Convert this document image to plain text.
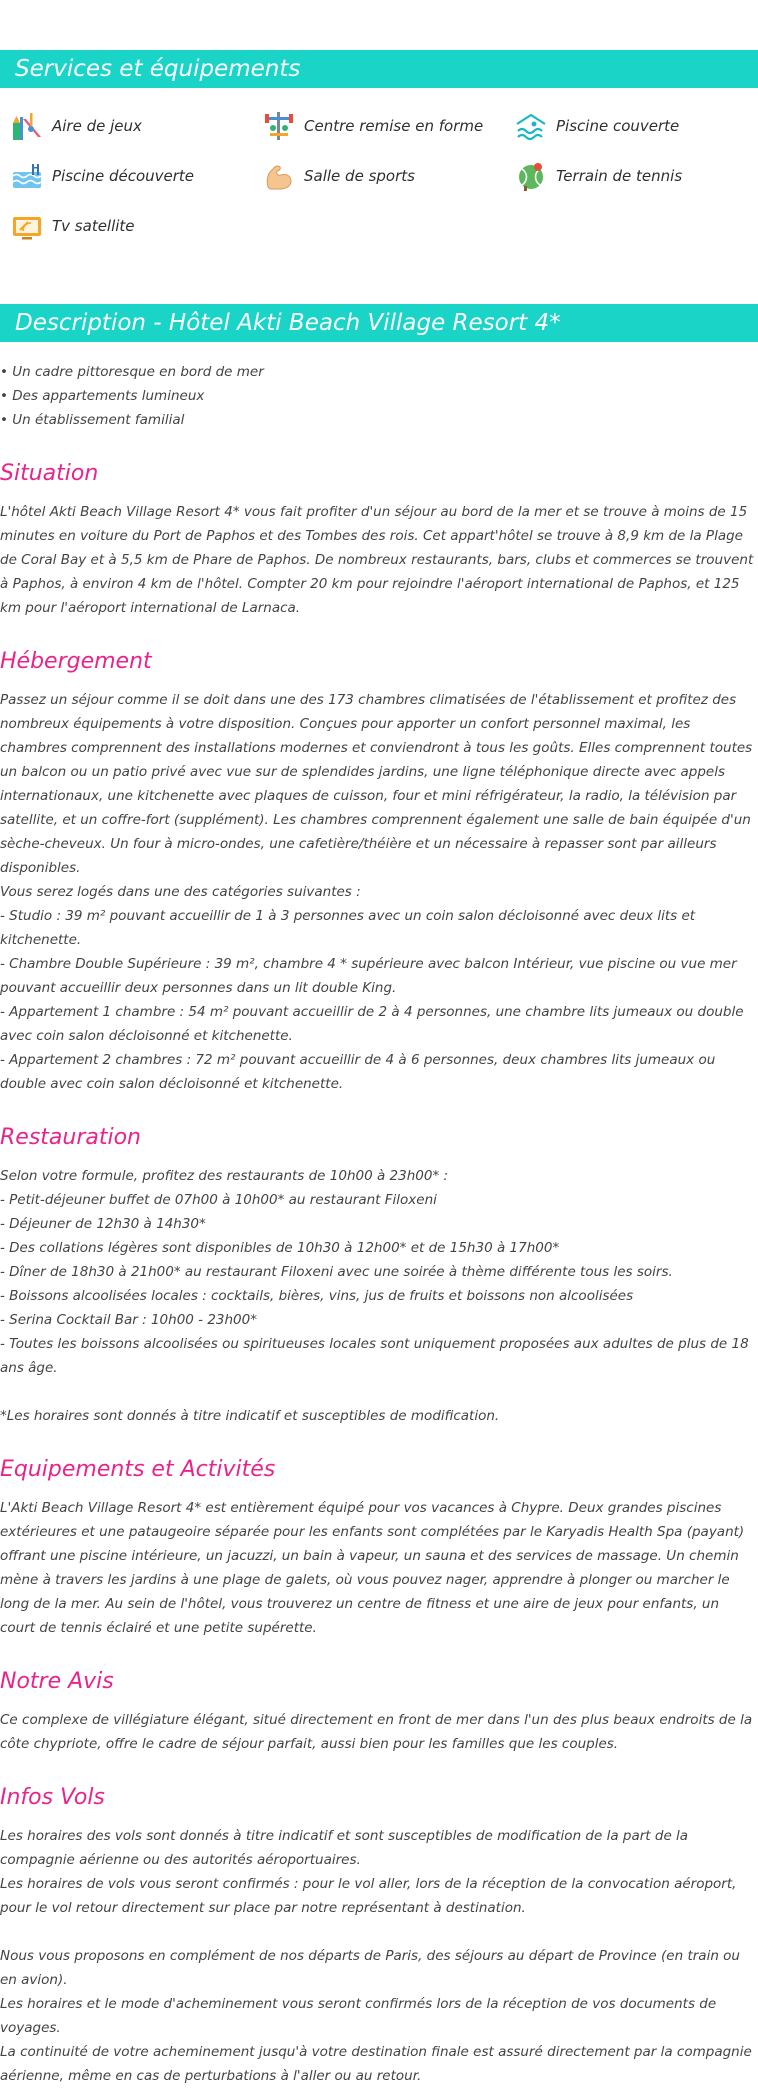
Services et équipements
Aire de jeux	Centre remise en forme	Piscine couverte
Piscine découverte	Salle de sports	Terrain de tennis
Tv satellite
Description - Hôtel Akti Beach Village Resort 4*
• Un cadre pittoresque en bord de mer
• Des appartements lumineux
• Un établissement familial
Situation

L'hôtel Akti Beach Village Resort 4* vous fait profiter d'un séjour au bord de la mer et se trouve à moins de 15 minutes en voiture du Port de Paphos et des Tombes des rois. Cet appart'hôtel se trouve à 8,9 km de la Plage de Coral Bay et à 5,5 km de Phare de Paphos. De nombreux restaurants, bars, clubs et commerces se trouvent à Paphos, à environ 4 km de l'hôtel. Compter 20 km pour rejoindre l'aéroport international de Paphos, et 125 km pour l'aéroport international de Larnaca.

Hébergement

Passez un séjour comme il se doit dans une des 173 chambres climatisées de l'établissement et profitez des nombreux équipements à votre disposition. Conçues pour apporter un confort personnel maximal, les chambres comprennent des installations modernes et conviendront à tous les goûts. Elles comprennent toutes un balcon ou un patio privé avec vue sur de splendides jardins, une ligne téléphonique directe avec appels internationaux, une kitchenette avec plaques de cuisson, four et mini réfrigérateur, la radio, la télévision par satellite, et un coffre-fort (supplément). Les chambres comprennent également une salle de bain équipée d'un sèche-cheveux. Un four à micro-ondes, une cafetière/théière et un nécessaire à repasser sont par ailleurs disponibles.

Vous serez logés dans une des catégories suivantes :

- Studio : 39 m² pouvant accueillir de 1 à 3 personnes avec un coin salon décloisonné avec deux lits et kitchenette.

- Chambre Double Supérieure : 39 m², chambre 4 * supérieure avec balcon Intérieur, vue piscine ou vue mer pouvant accueillir deux personnes dans un lit double King.

- Appartement 1 chambre : 54 m² pouvant accueillir de 2 à 4 personnes, une chambre lits jumeaux ou double avec coin salon décloisonné et kitchenette.

- Appartement 2 chambres : 72 m² pouvant accueillir de 4 à 6 personnes, deux chambres lits jumeaux ou double avec coin salon décloisonné et kitchenette.

Restauration

Selon votre formule, profitez des restaurants de 10h00 à 23h00* :

- Petit-déjeuner buffet de 07h00 à 10h00* au restaurant Filoxeni

- Déjeuner de 12h30 à 14h30*

- Des collations légères sont disponibles de 10h30 à 12h00* et de 15h30 à 17h00*

- Dîner de 18h30 à 21h00* au restaurant Filoxeni avec une soirée à thème différente tous les soirs.

- Boissons alcoolisées locales : cocktails, bières, vins, jus de fruits et boissons non alcoolisées

- Serina Cocktail Bar : 10h00 - 23h00*

- Toutes les boissons alcoolisées ou spiritueuses locales sont uniquement proposées aux adultes de plus de 18 ans âge.

*Les horaires sont donnés à titre indicatif et susceptibles de modification.

Equipements et Activités

L'Akti Beach Village Resort 4* est entièrement équipé pour vos vacances à Chypre. Deux grandes piscines extérieures et une pataugeoire séparée pour les enfants sont complétées par le Karyadis Health Spa (payant) offrant une piscine intérieure, un jacuzzi, un bain à vapeur, un sauna et des services de massage. Un chemin mène à travers les jardins à une plage de galets, où vous pouvez nager, apprendre à plonger ou marcher le long de la mer. Au sein de l'hôtel, vous trouverez un centre de fitness et une aire de jeux pour enfants, un court de tennis éclairé et une petite supérette.

Notre Avis

Ce complexe de villégiature élégant, situé directement en front de mer dans l'un des plus beaux endroits de la côte chypriote, offre le cadre de séjour parfait, aussi bien pour les familles que les couples.

Infos Vols

Les horaires des vols sont donnés à titre indicatif et sont susceptibles de modification de la part de la compagnie aérienne ou des autorités aéroportuaires.

Les horaires de vols vous seront confirmés : pour le vol aller, lors de la réception de la convocation aéroport, pour le vol retour directement sur place par notre représentant à destination.

Nous vous proposons en complément de nos départs de Paris, des séjours au départ de Province (en train ou en avion).

Les horaires et le mode d'acheminement vous seront confirmés lors de la réception de vos documents de voyages.

La continuité de votre acheminement jusqu'à votre destination finale est assuré directement par la compagnie aérienne, même en cas de perturbations à l'aller ou au retour.
